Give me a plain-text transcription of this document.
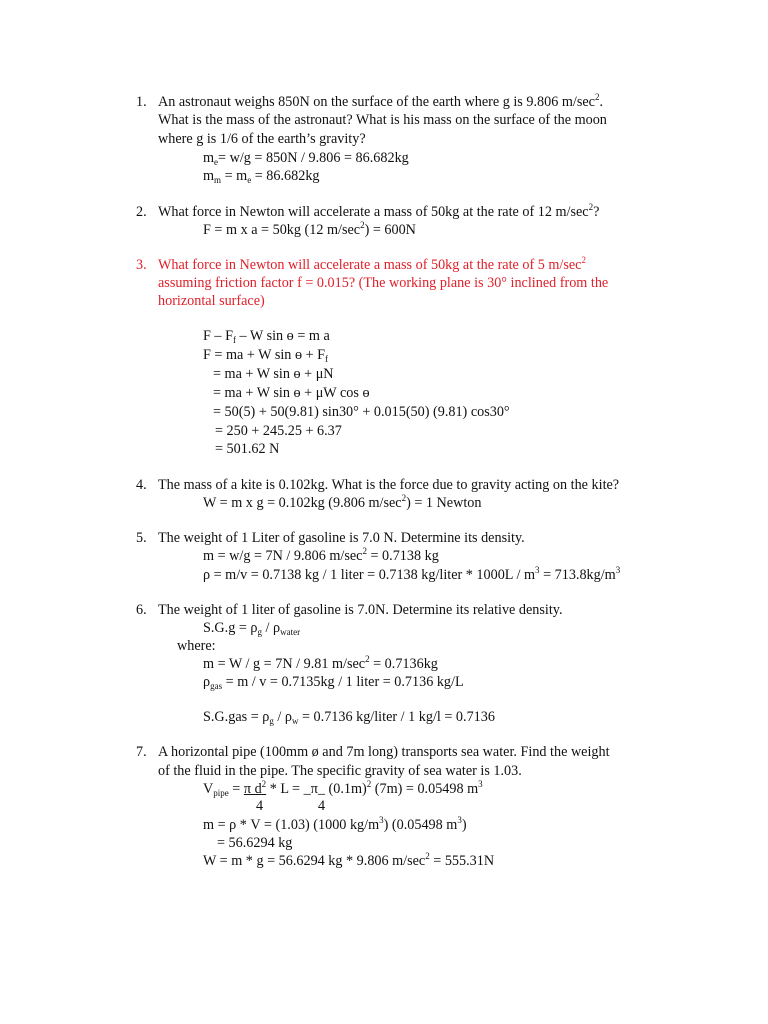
1. An astronaut weighs 850N on the surface of the earth where g is 9.806 $m/\sec^2$.
What is the mass of the astronaut? What is his mass on the surface of the moon
where g is 1/6 of the earth’s gravity?
$m_e= w/g = 850N / 9.806 = 86.682kg$
$m_m = m_e = 86.682kg$
2. What force in Newton will accelerate a mass of 50kg at the rate of 12 $m/\sec^2$?
F = m x a = 50kg (12 $m/\sec^2) = 600N$
3. What force in Newton will accelerate a mass of 50kg at the rate of 5 $m/\sec^2$
assuming friction factor f = 0.015? (The working plane is 30° inclined from the
horizontal surface)
F – $F_f$ – W sin ɵ = m a
F = ma + W sin ɵ + $F_f$
= ma + W sin ɵ + μN
= ma + W sin ɵ + μW cos ɵ
= 50(5) + 50(9.81) sin30° + 0.015(50) (9.81) cos30°
= 250 + 245.25 + 6.37
= 501.62 N
4. The mass of a kite is 0.102kg. What is the force due to gravity acting on the kite?
W = m x g = 0.102kg (9.806 $m/\sec^2) = 1$ Newton
5. The weight of 1 Liter of gasoline is 7.0 N. Determine its density.
m = w/g = 7N / 9.806 $m/\sec^2 = 0.7138$ kg
ρ = m/v = 0.7138 kg / 1 liter = 0.7138 kg/liter * $1000L / m^3 = 713.8kg/m^3$
6. The weight of 1 liter of gasoline is 7.0N. Determine its relative density.
$S.G.g = \rho_g / \rho_{water}$
where:
m = W / g = 7N / 9.81 $m/\sec^2 = 0.7136kg$
$\rho_{gas} = m / v = 0.7135kg / 1$ liter = 0.7136 kg/L
$S.G.gas = \rho_g / \rho_w = 0.7136$ kg/liter / 1 kg/l = 0.7136
7. A horizontal pipe (100mm ø and 7m long) transports sea water. Find the weight
of the fluid in the pipe. The specific gravity of sea water is 1.03.
$V_{pipe} = \pi$ $d^2$ * L = _π_ $(0.1m)^2$ (7m) = 0.05498 $m^3$
4	4
m = ρ * V = (1.03) (1000 $kg/m^3$) (0.05498 $m^3$)
= 56.6294 kg
W = m * g = 56.6294 kg * 9.806 $m/\sec^2 = 555.31N$
